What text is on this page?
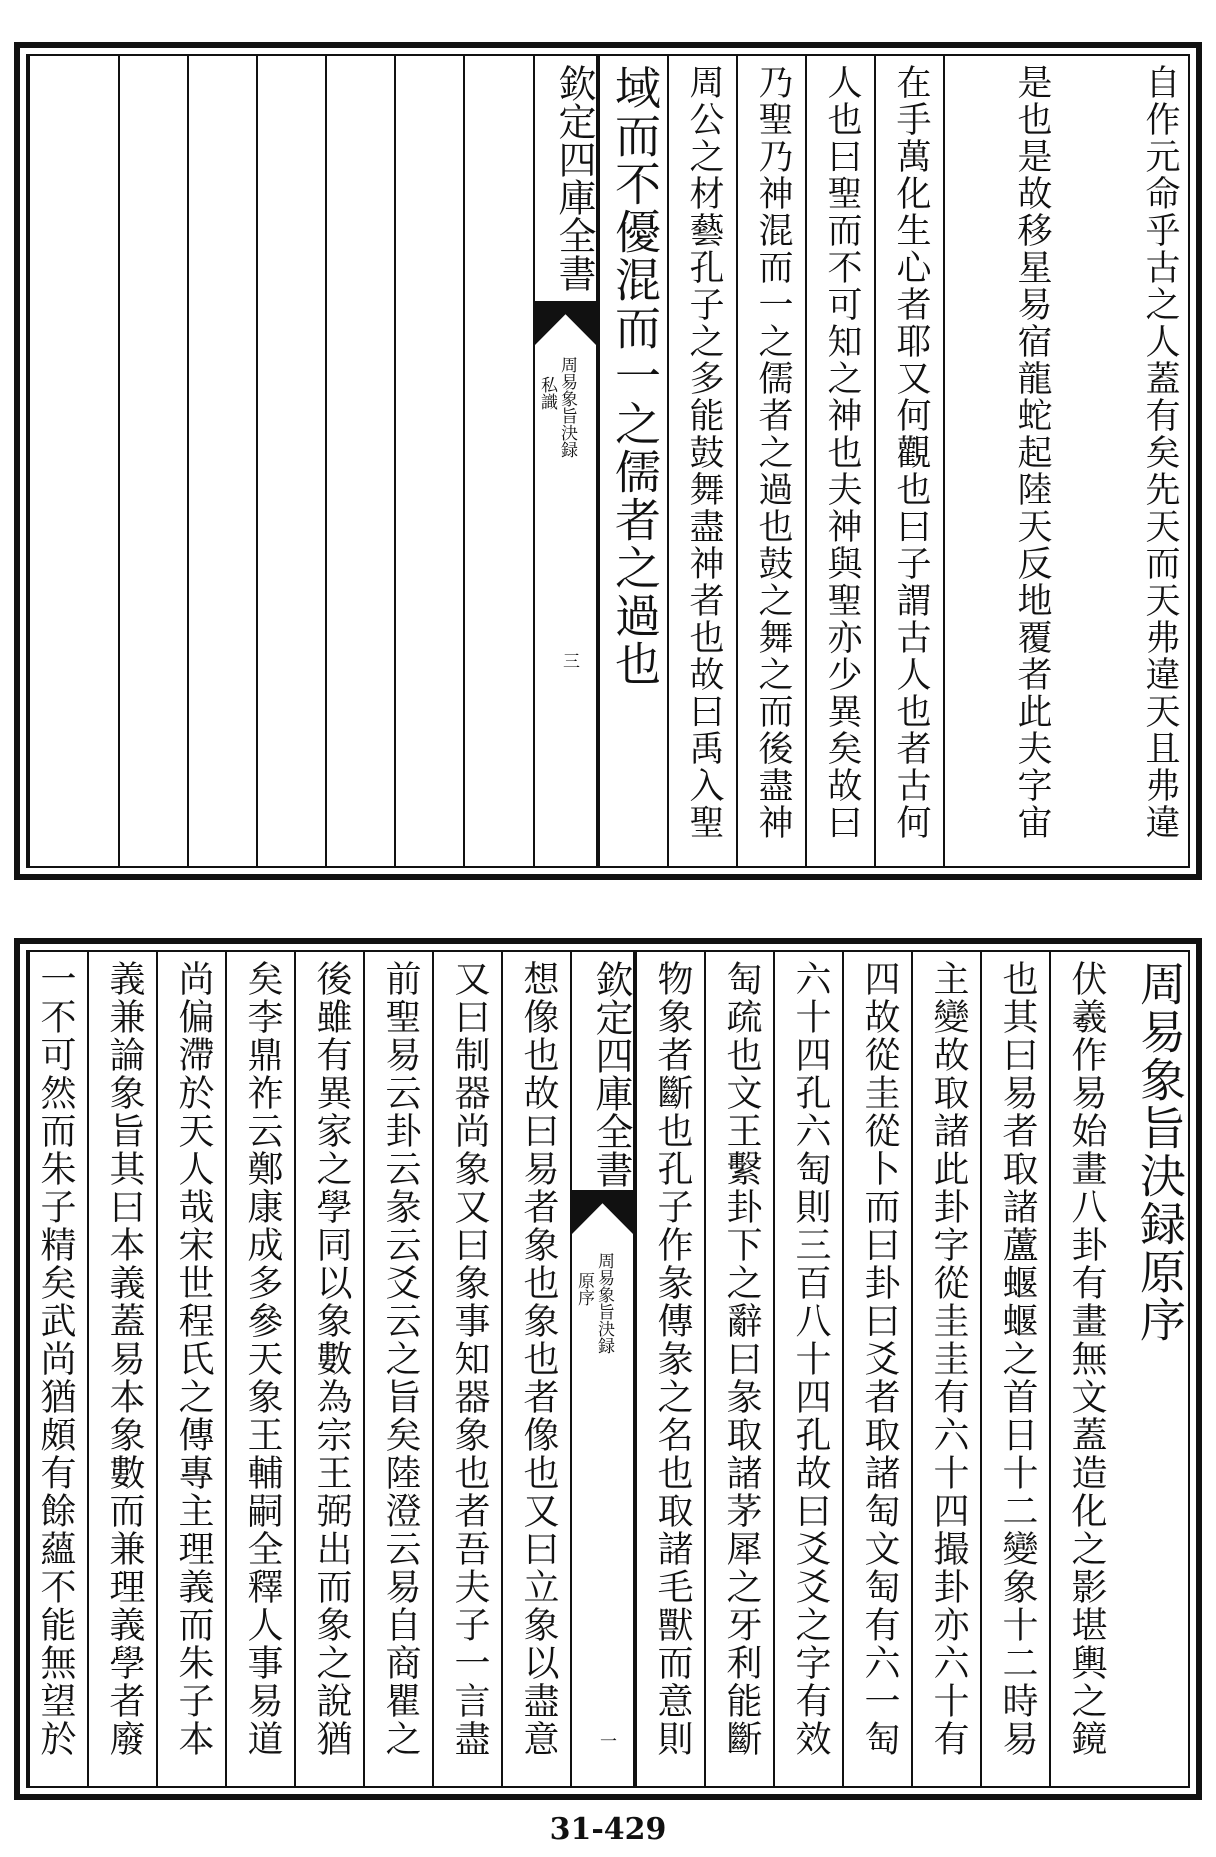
自作元命乎古之人蓋有矣先天而天弗違天且弗違
是也是故移星易宿龍蛇起陸天反地覆者此夫字宙
在手萬化生心者耶又何觀也曰子謂古人也者古何
人也曰聖而不可知之神也夫神與聖亦少異矣故曰
乃聖乃神混而一之儒者之過也鼓之舞之而後盡神
周公之材藝孔子之多能鼓舞盡神者也故曰禹入聖
域而不優混而一之儒者之過也
欽定四庫全書
周易象旨決録
私識
三
周易象旨決録原序
伏羲作易始畫八卦有畫無文蓋造化之影堪輿之鏡
也其曰易者取諸蘆蝘蝘之首日十二變象十二時易
主變故取諸此卦字從圭圭有六十四撮卦亦六十有
四故從圭從卜而曰卦曰爻者取諸匋文匋有六一匋
六十四孔六匋則三百八十四孔故曰爻爻之字有效
匋疏也文王繫卦下之辭曰彖取諸茅犀之牙利能斷
物象者斷也孔子作彖傳彖之名也取諸毛獸而意則
欽定四庫全書
周易象旨決録
原序
一
想像也故曰易者象也象也者像也又曰立象以盡意
又曰制器尚象又曰象事知器象也者吾夫子一言盡
前聖易云卦云彖云爻云之旨矣陸澄云易自商瞿之
後雖有異家之學同以象數為宗王弼出而象之說猶
矣李鼎祚云鄭康成多參天象王輔嗣全釋人事易道
尚偏滯於天人哉宋世程氏之傳專主理義而朱子本
義兼論象旨其曰本義蓋易本象數而兼理義學者廢
一不可然而朱子精矣武尚猶頗有餘蘊不能無望於
31-429
